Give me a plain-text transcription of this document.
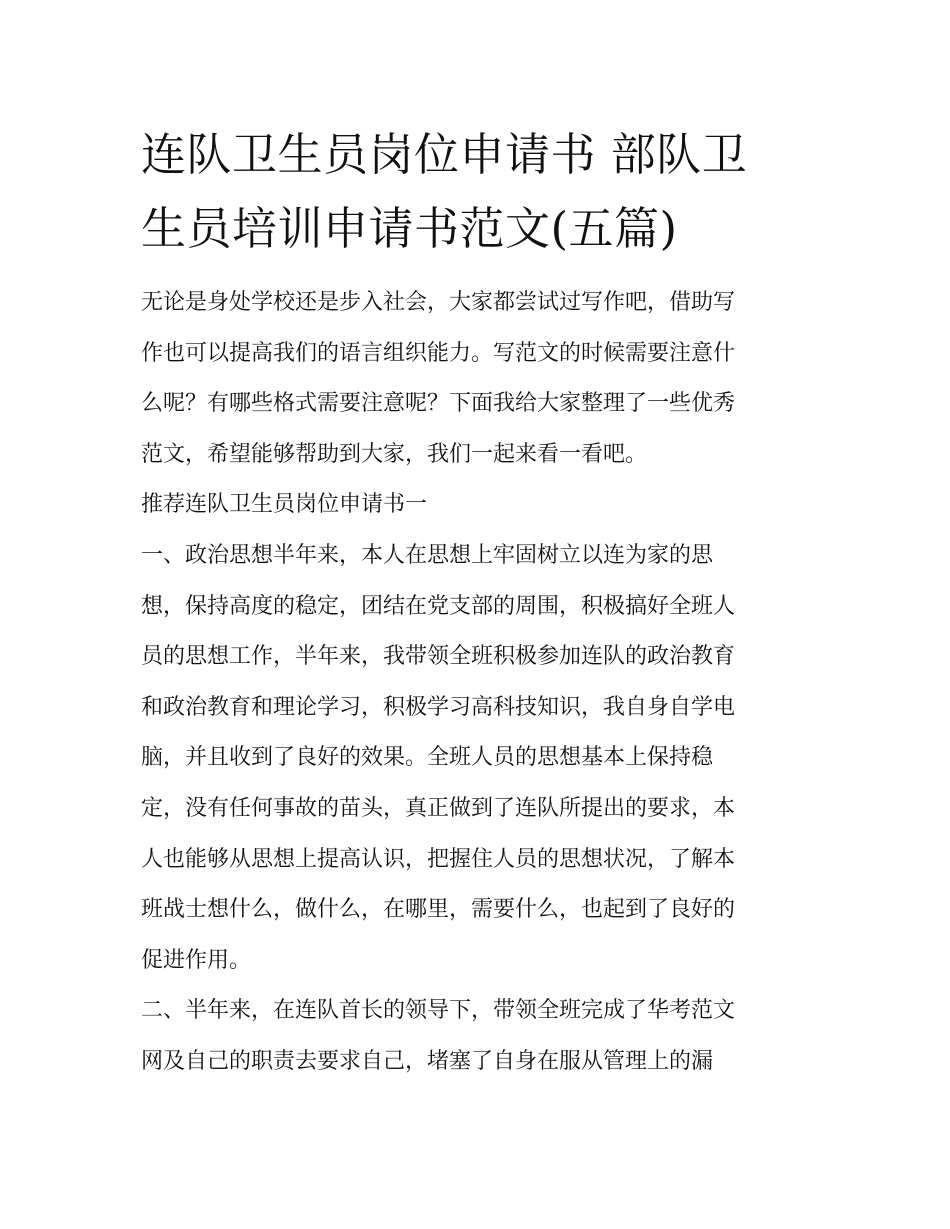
连队卫生员岗位申请书 部队卫
生员培训申请书范文(五篇)
无论是身处学校还是步入社会，大家都尝试过写作吧，借助写
作也可以提高我们的语言组织能力。写范文的时候需要注意什
么呢？有哪些格式需要注意呢？下面我给大家整理了一些优秀
范文，希望能够帮助到大家，我们一起来看一看吧。
推荐连队卫生员岗位申请书一
一、政治思想半年来，本人在思想上牢固树立以连为家的思
想，保持高度的稳定，团结在党支部的周围，积极搞好全班人
员的思想工作，半年来，我带领全班积极参加连队的政治教育
和政治教育和理论学习，积极学习高科技知识，我自身自学电
脑，并且收到了良好的效果。全班人员的思想基本上保持稳
定，没有任何事故的苗头，真正做到了连队所提出的要求，本
人也能够从思想上提高认识，把握住人员的思想状况，了解本
班战士想什么，做什么，在哪里，需要什么，也起到了良好的
促进作用。
二、半年来，在连队首长的领导下，带领全班完成了华考范文
网及自己的职责去要求自己，堵塞了自身在服从管理上的漏
